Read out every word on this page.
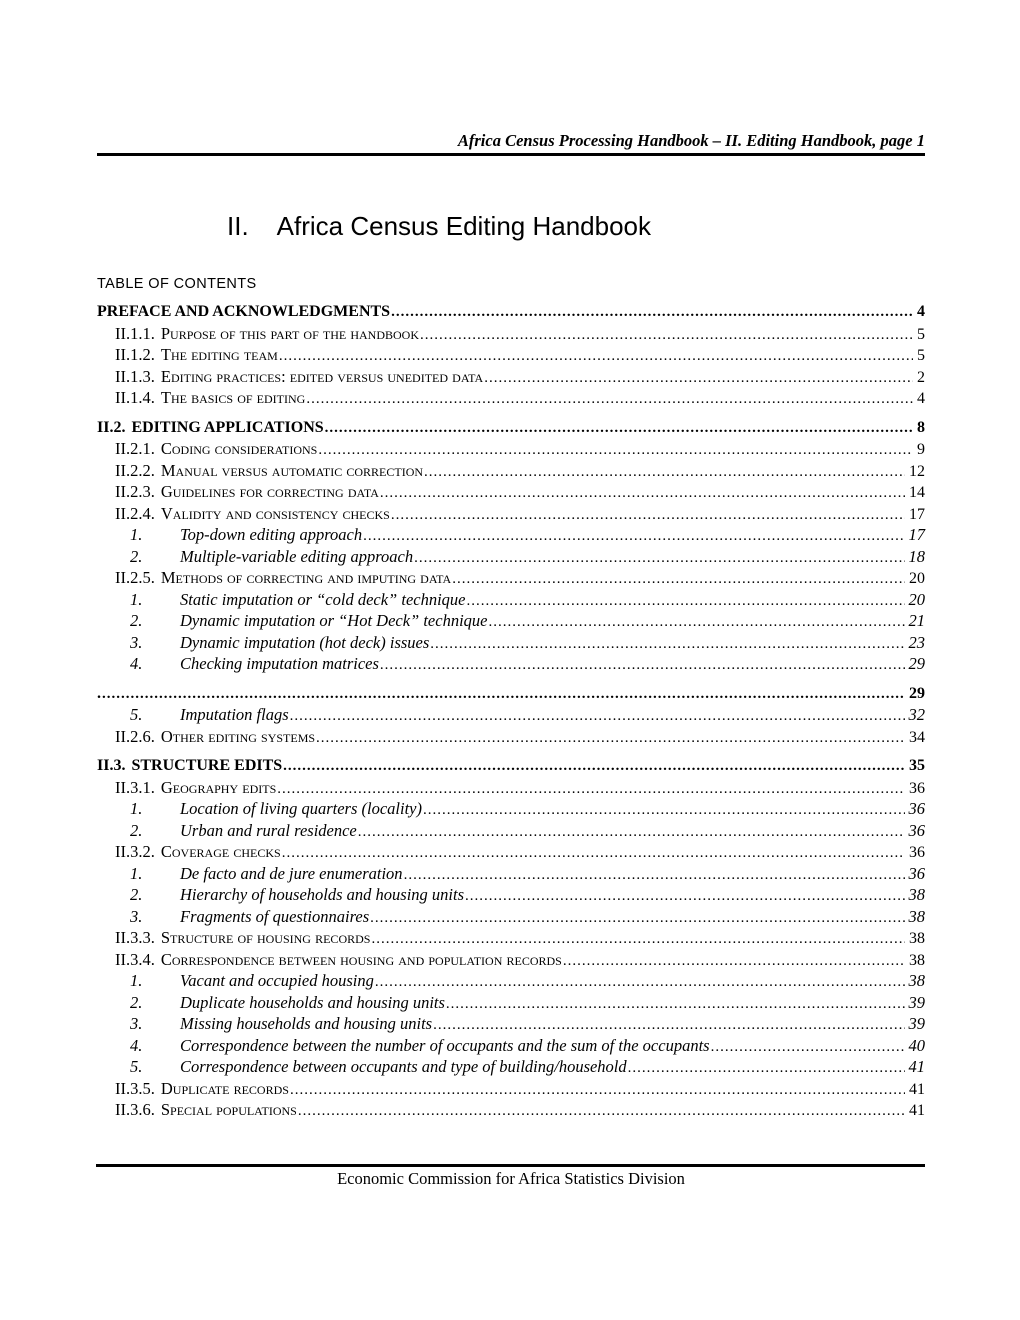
Africa Census Processing Handbook – II. Editing Handbook, page 1
II. Africa Census Editing Handbook
TABLE OF CONTENTS
PREFACE AND ACKNOWLEDGMENTS .....	4
II.1.1. Purpose of this part of the handbook .....	5
II.1.2. The editing team .....	5
II.1.3. Editing practices: edited versus unedited data .....	2
II.1.4. The basics of editing .....	4
II.2. EDITING APPLICATIONS .....	8
II.2.1. Coding considerations .....	9
II.2.2. Manual versus automatic correction .....	12
II.2.3. Guidelines for correcting data .....	14
II.2.4. Validity and consistency checks .....	17
1.	Top-down editing approach .....	17
2.	Multiple-variable editing approach .....	18
II.2.5. Methods of correcting and imputing data .....	20
1.	Static imputation or “cold deck” technique .....	20
2.	Dynamic imputation or “Hot Deck” technique .....	21
3.	Dynamic imputation (hot deck) issues .....	23
4.	Checking imputation matrices .....	29
. .....	29
5.	Imputation flags .....	32
II.2.6. Other editing systems .....	34
II.3. STRUCTURE EDITS .....	35
II.3.1. Geography edits .....	36
1.	Location of living quarters (locality) .....	36
2.	Urban and rural residence .....	36
II.3.2. Coverage checks .....	36
1.	De facto and de jure enumeration .....	36
2.	Hierarchy of households and housing units .....	38
3.	Fragments of questionnaires .....	38
II.3.3. Structure of housing records .....	38
II.3.4. Correspondence between housing and population records .....	38
1.	Vacant and occupied housing .....	38
2.	Duplicate households and housing units .....	39
3.	Missing households and housing units .....	39
4.	Correspondence between the number of occupants and the sum of the occupants .....	40
5.	Correspondence between occupants and type of building/household .....	41
II.3.5. Duplicate records .....	41
II.3.6. Special populations .....	41
Economic Commission for Africa Statistics Division
